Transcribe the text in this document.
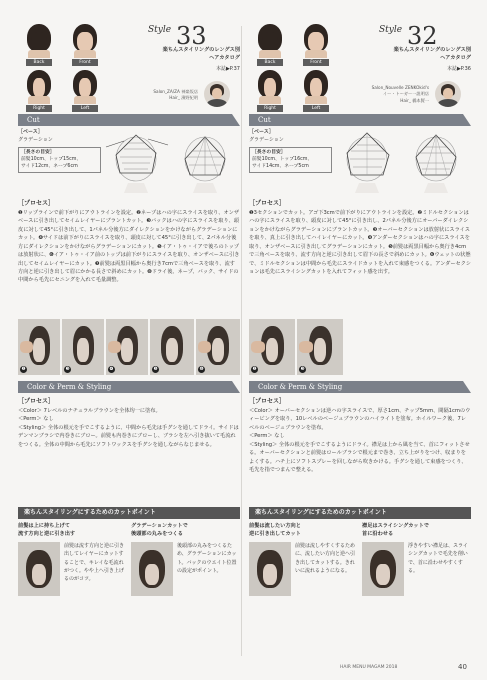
Back	Front
Right	Left
Style 33
楽ちんスタイリングのレングス別
ヘアカタログ
本誌▶P.37
Salon_ZA/ZA 神楽坂店
Hair_ 濱野紀明
Cut
［ベース］
グラデーション
［長さの目安］
前髪10cm、トップ15cm、
サイド12cm、ネープ6cm
［プロセス］
❶リップラインで前下がりにアウトラインを設定。❷ネープはハの字にスライスを取り、オンザベースに引き出してセイムレイヤーにブラントカット。❸バックはハの字にスライスを取り、頭皮に対して45°に引き出して、1パネル分後方にダイレクションをかけながらグラデーションにカット。❹サイドは前下がりにスライスを取り、頭皮に対して45°に引き出して、2パネル分後方にダイレクションをかけながらグラデーションにカット。❺イア・トゥ・イアで後ろのトップは放射状に、❻イア・トゥ・イア前のトップは前下がりにスライスを取り、オンザベースに引き出してセイムレイヤーにカット。❼前髪は両黒目幅から奥行き7cmで三角ベースを取り、流す方向と逆に引き出して眉にかかる長さで斜めにカット。❽ドライ後、ネープ、バック、サイドの中間から毛先にセニングを入れて毛量調整。
❷	❸	❹	❺	❻
Color & Perm & Styling
［プロセス］
＜Color＞ 7レベルのナチュラルブラウンを全体均一に塗布。
＜Perm＞ なし
＜Styling＞ 全体の根元を手でこするように、中間から毛先は手グシを通してドライ。サイドはデンマンブラシで内巻きにブロー。前髪も内巻きにブローし、ブラシを左へ引き抜いて毛流れをつくる。全体の中間から毛先にソフトワックスを手グシを通しながらなじませる。
楽ちんスタイリングにするためのカットポイント
前髪は上に持ち上げて
流す方向と逆に引き出す
前髪は流す方向と逆に引き出してレイヤーにカットすることで、キレイな毛流れがつく。やや上へ引き上げるのがコツ。
グラデーションカットで
後頭部の丸みをつくる
後頭部の丸みをつくるため、グラデーションにカット。バックのウエイト位置の設定がポイント。
Back	Front
Right	Left
Style 32
楽ちんスタイリングのレングス別
ヘアカタログ
本誌▶P.36
Salon_Nouvelle ZENKOkid's
イー・ト〜ガー一説明店
Hair_ 橋本賢一
Cut
［ベース］
グラデーション
［長さの目安］
前髪10cm、トップ16cm、
サイド14cm、ネープ5cm
［プロセス］
❶3セクションでカット。アゴ下3cmで前下がりにアウトラインを設定。❷ミドルセクションはハの字にスライスを取り、頭皮に対して45°に引き出し、2パネル分後方にオーバーダイレクションをかけながらグラデーションにブラントカット。❸オーバーセクションは放射状にスライスを取り、真上に引き出してハイレイヤーにカット。❹アンダーセクションはハの字にスライスを取り、オンザベースに引き出してグラデーションにカット。❺前髪は両黒目幅から奥行き4cmで三角ベースを取り、流す方向と逆に引き出して眉下の長さで斜めにカット。❻ウェットの状態で、ミドルセクションは中間から毛先にスライドカットを入れて束感をつくる。アンダーセクションは毛先にスライシングカットを入れてフィット感を出す。
❷	❸
Color & Perm & Styling
［プロセス］
＜Color＞ オーバーセクションは逆ハの字スライスで、厚さ1cm、チップ5mm、間隔1cmのウィービングを取り、10レベルのベージュブラウンのハイライトを塗布。ホイルワーク後、7レベルのベージュブラウンを塗布。
＜Perm＞ なし
＜Styling＞ 全体の根元を手でこするようにドライ。襟足は上から風を当て、首にフィットさせる。オーバーセクションと前髪はロールブラシで根元まで巻き、立ち上がりをつけ、収まりをよくする。ハチ上にソフトスプレーを回しながら吹きかける。手グシを通して束感をつくり、毛先を指でつまんで整える。
楽ちんスタイリングにするためのカットポイント
前髪は流したい方向と
逆に引き出してカット
前髪は流しやすくするために、流したい方向と逆へ引き出してカットする。きれいに流れるようになる。
襟足はスライシングカットで
首に沿わせる
浮きやすい襟足は、スライシングカットで毛先を削いで、首に沿わせやすくする。
HAIR MENU MAGAM 2018	40
